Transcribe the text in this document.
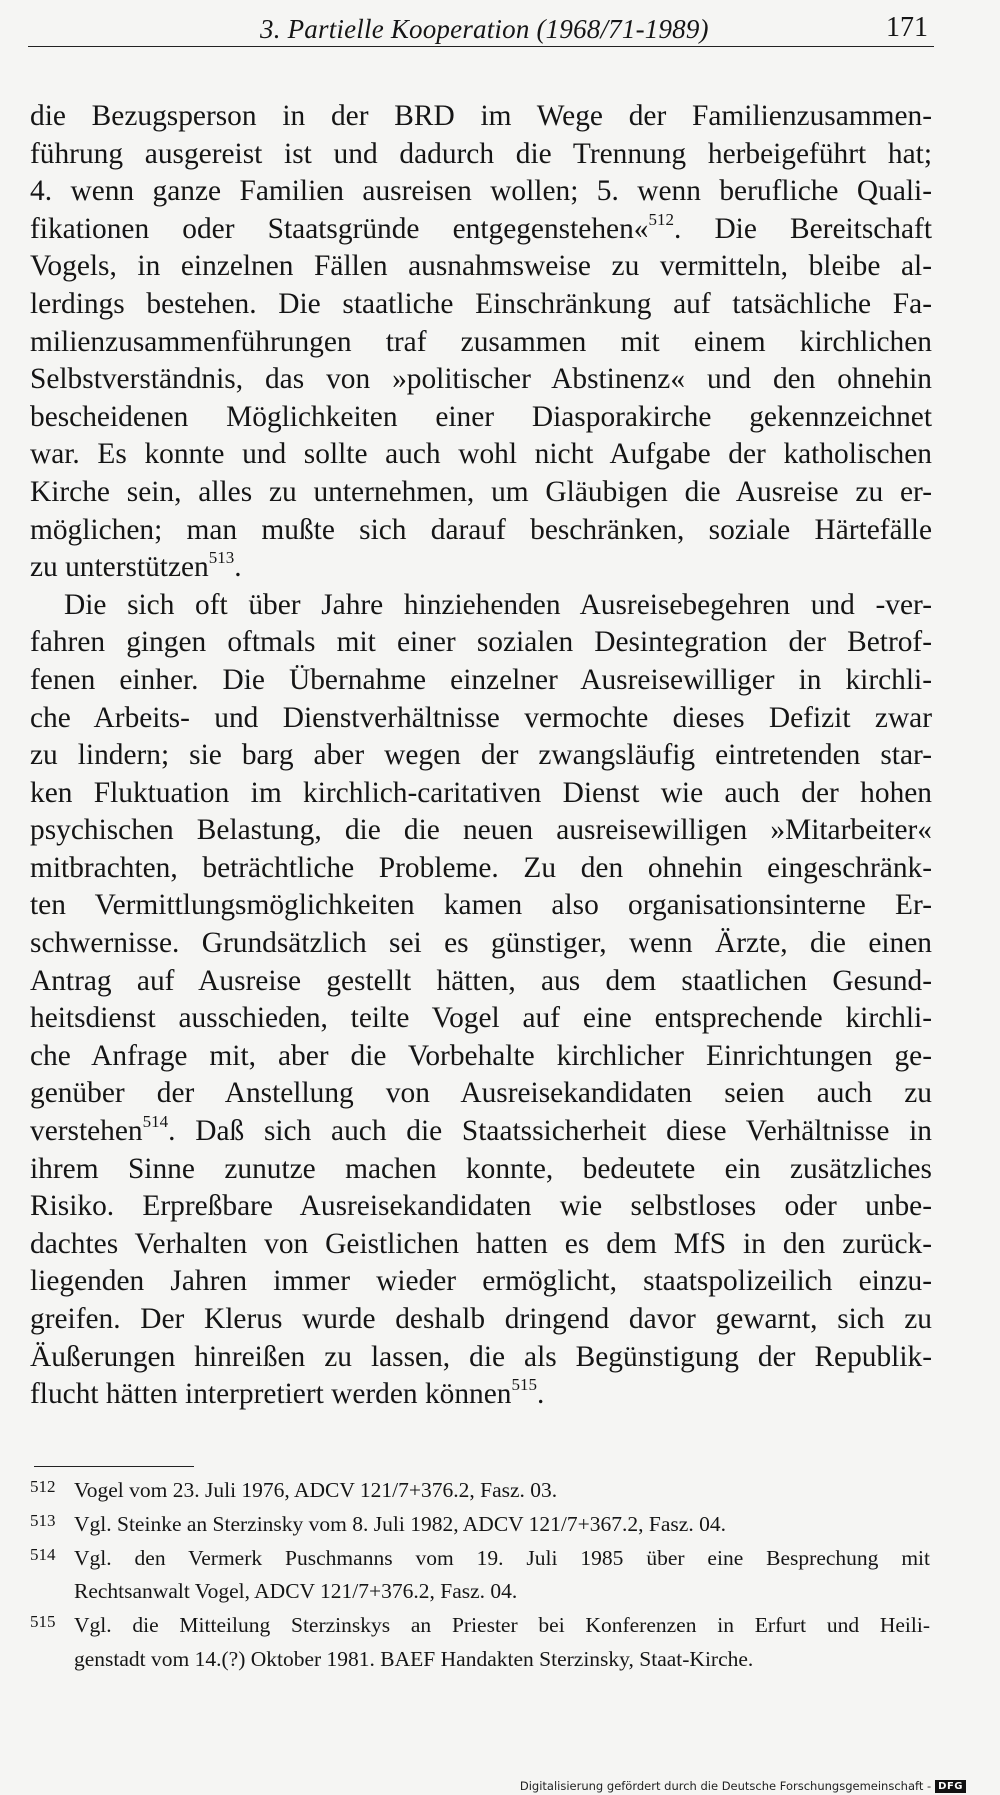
3. Partielle Kooperation (1968/71-1989)	171

die Bezugsperson in der BRD im Wege der Familienzusammen-
führung ausgereist ist und dadurch die Trennung herbeigeführt hat;
4. wenn ganze Familien ausreisen wollen; 5. wenn berufliche Quali-
fikationen oder Staatsgründe entgegenstehen«$^{512}$. Die Bereitschaft
Vogels, in einzelnen Fällen ausnahmsweise zu vermitteln, bleibe al-
lerdings bestehen. Die staatliche Einschränkung auf tatsächliche Fa-
milienzusammenführungen traf zusammen mit einem kirchlichen
Selbstverständnis, das von »politischer Abstinenz« und den ohnehin
bescheidenen Möglichkeiten einer Diasporakirche gekennzeichnet
war. Es konnte und sollte auch wohl nicht Aufgabe der katholischen
Kirche sein, alles zu unternehmen, um Gläubigen die Ausreise zu er-
möglichen; man mußte sich darauf beschränken, soziale Härtefälle
zu unterstützen$^{513}$.

Die sich oft über Jahre hinziehenden Ausreisebegehren und -ver-
fahren gingen oftmals mit einer sozialen Desintegration der Betrof-
fenen einher. Die Übernahme einzelner Ausreisewilliger in kirchli-
che Arbeits- und Dienstverhältnisse vermochte dieses Defizit zwar
zu lindern; sie barg aber wegen der zwangsläufig eintretenden star-
ken Fluktuation im kirchlich-caritativen Dienst wie auch der hohen
psychischen Belastung, die die neuen ausreisewilligen »Mitarbeiter«
mitbrachten, beträchtliche Probleme. Zu den ohnehin eingeschränk-
ten Vermittlungsmöglichkeiten kamen also organisationsinterne Er-
schwernisse. Grundsätzlich sei es günstiger, wenn Ärzte, die einen
Antrag auf Ausreise gestellt hätten, aus dem staatlichen Gesund-
heitsdienst ausschieden, teilte Vogel auf eine entsprechende kirchli-
che Anfrage mit, aber die Vorbehalte kirchlicher Einrichtungen ge-
genüber der Anstellung von Ausreisekandidaten seien auch zu
verstehen$^{514}$. Daß sich auch die Staatssicherheit diese Verhältnisse in
ihrem Sinne zunutze machen konnte, bedeutete ein zusätzliches
Risiko. Erpreßbare Ausreisekandidaten wie selbstloses oder unbe-
dachtes Verhalten von Geistlichen hatten es dem MfS in den zurück-
liegenden Jahren immer wieder ermöglicht, staatspolizeilich einzu-
greifen. Der Klerus wurde deshalb dringend davor gewarnt, sich zu
Äußerungen hinreißen zu lassen, die als Begünstigung der Republik-
flucht hätten interpretiert werden können$^{515}$.

512 Vogel vom 23. Juli 1976, ADCV 121/7+376.2, Fasz. 03.
513 Vgl. Steinke an Sterzinsky vom 8. Juli 1982, ADCV 121/7+367.2, Fasz. 04.
514 Vgl. den Vermerk Puschmanns vom 19. Juli 1985 über eine Besprechung mit
Rechtsanwalt Vogel, ADCV 121/7+376.2, Fasz. 04.
515 Vgl. die Mitteilung Sterzinskys an Priester bei Konferenzen in Erfurt und Heili-
genstadt vom 14.(?) Oktober 1981. BAEF Handakten Sterzinsky, Staat-Kirche.
Digitalisierung gefördert durch die Deutsche Forschungsgemeinschaft - DFG
